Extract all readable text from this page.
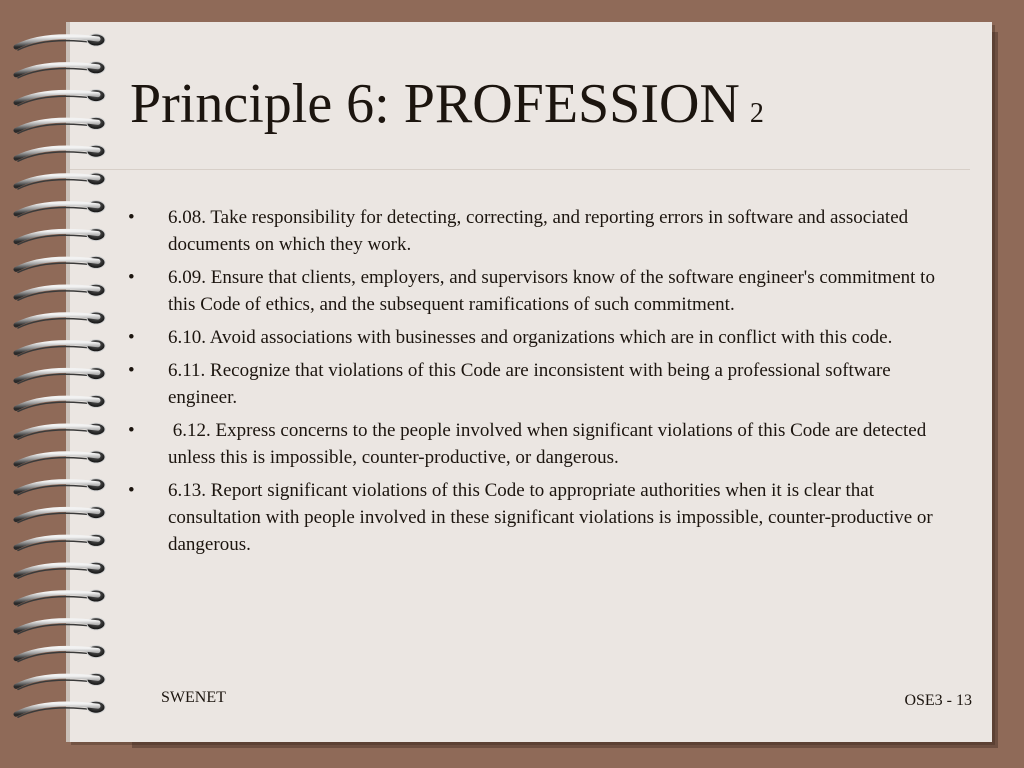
Principle 6: PROFESSION 2
• 6.08. Take responsibility for detecting, correcting, and reporting errors in software and associated documents on which they work.
• 6.09. Ensure that clients, employers, and supervisors know of the software engineer's commitment to this Code of ethics, and the subsequent ramifications of such commitment.
• 6.10. Avoid associations with businesses and organizations which are in conflict with this code.
• 6.11. Recognize that violations of this Code are inconsistent with being a professional software engineer.
• 6.12. Express concerns to the people involved when significant violations of this Code are detected unless this is impossible, counter-productive, or dangerous.
• 6.13. Report significant violations of this Code to appropriate authorities when it is clear that consultation with people involved in these significant violations is impossible, counter-productive or dangerous.
SWENET	OSE3 - 13
